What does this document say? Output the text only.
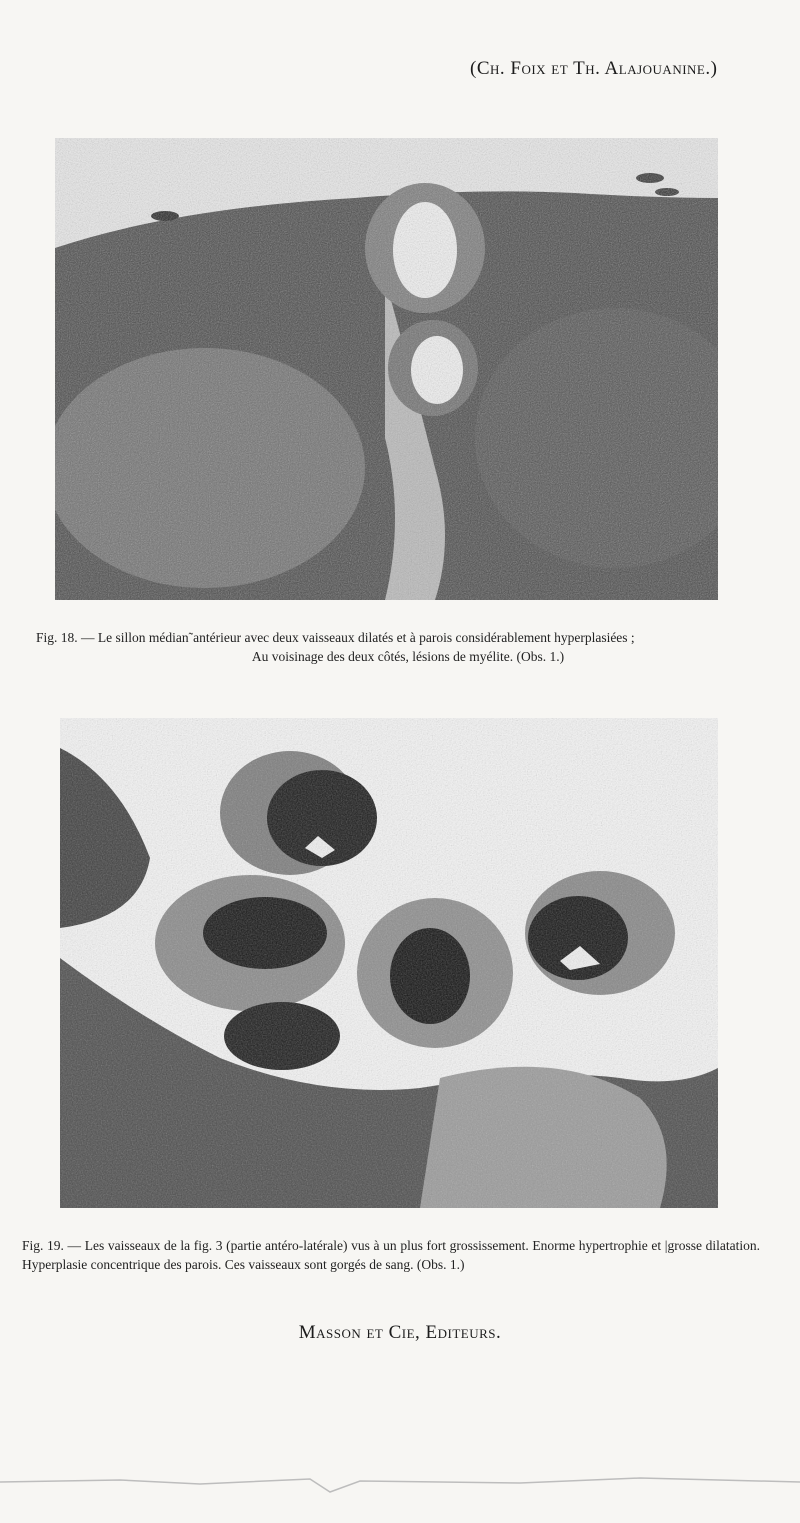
(Ch. Foix et Th. Alajouanine.)
Fig. 18. — Le sillon médian˜antérieur avec deux vaisseaux dilatés et à parois considérablement hyperplasiées ;
Au voisinage des deux côtés, lésions de myélite. (Obs. 1.)
Fig. 19. — Les vaisseaux de la fig. 3 (partie antéro-latérale) vus à un plus fort grossissement. Enorme hypertrophie et |grosse dilatation. Hyperplasie concentrique des parois. Ces vaisseaux sont gorgés de sang. (Obs. 1.)
Masson et Cie, Editeurs.
